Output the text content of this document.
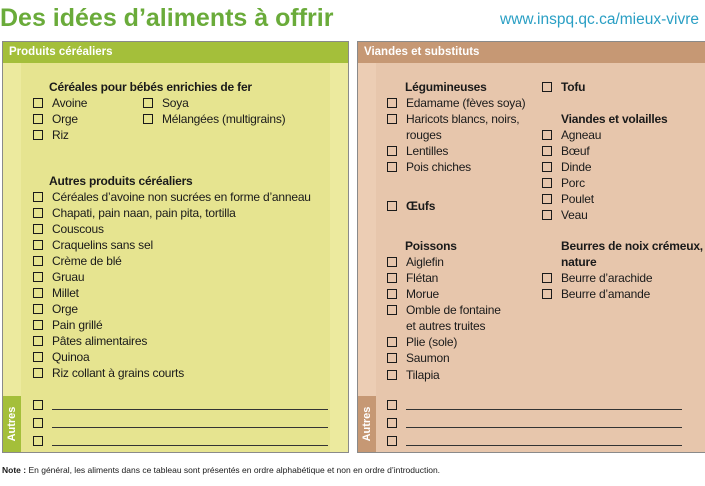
Des idées d’aliments à offrir	www.inspq.qc.ca/mieux-vivre
Produits céréaliers
Autres
Céréales pour bébés enrichies de fer
Avoine
Orge
Riz
Soya
Mélangées (multigrains)
Autres produits céréaliers
Céréales d’avoine non sucrées en forme d’anneau
Chapati, pain naan, pain pita, tortilla
Couscous
Craquelins sans sel
Crème de blé
Gruau
Millet
Orge
Pain grillé
Pâtes alimentaires
Quinoa
Riz collant à grains courts
Viandes et substituts
Autres
Légumineuses
Edamame (fèves soya)
Haricots blancs, noirs,
rouges
Lentilles
Pois chiches
Œufs
Poissons
Aiglefin
Flétan
Morue
Omble de fontaine
et autres truites
Plie (sole)
Saumon
Tilapia
Tofu
Viandes et volailles
Agneau
Bœuf
Dinde
Porc
Poulet
Veau
Beurres de noix crémeux,
nature
Beurre d’arachide
Beurre d’amande
Note : En général, les aliments dans ce tableau sont présentés en ordre alphabétique et non en ordre d’introduction.
